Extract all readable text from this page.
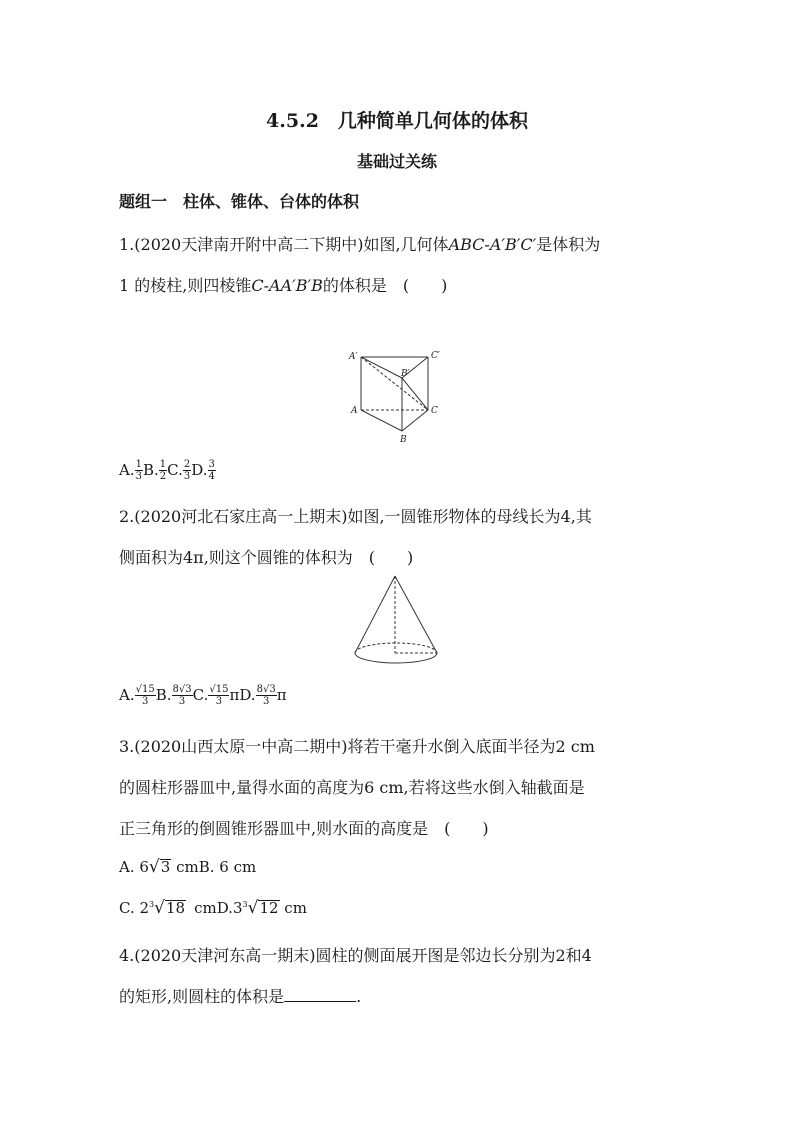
4.5.2　几种简单几何体的体积
基础过关练
题组一　柱体、锥体、台体的体积
1.(2020天津南开附中高二下期中)如图,几何体ABC-A′B′C′是体积为
1 的棱柱,则四棱锥C-AA′B′B的体积是　(　　)
A′	C′
B′
A	C
B
A. $\frac{1}{3} B$. $\frac{1}{2} C$. $\frac{2}{3} D$. $\frac{3}{4}$
2.(2020河北石家庄高一上期末)如图,一圆锥形物体的母线长为4,其
侧面积为4π,则这个圆锥的体积为　(　　)
A. $\frac{√15}{3} B$. $\frac{8√3}{3} C$. $\frac{√15}{3} \pi D$. $\frac{8√3}{3}$ π
3.(2020山西太原一中高二期中)将若干毫升水倒入底面半径为2 cm
的圆柱形器皿中,量得水面的高度为6 cm,若将这些水倒入轴截面是
正三角形的倒圆锥形器皿中,则水面的高度是　(　　)
A. 6√3 cmB. 6 cm
C. $2^3√18$ $cmD.3^3√12$ cm
4.(2020天津河东高一期末)圆柱的侧面展开图是邻边长分别为2和4
的矩形,则圆柱的体积是	.
